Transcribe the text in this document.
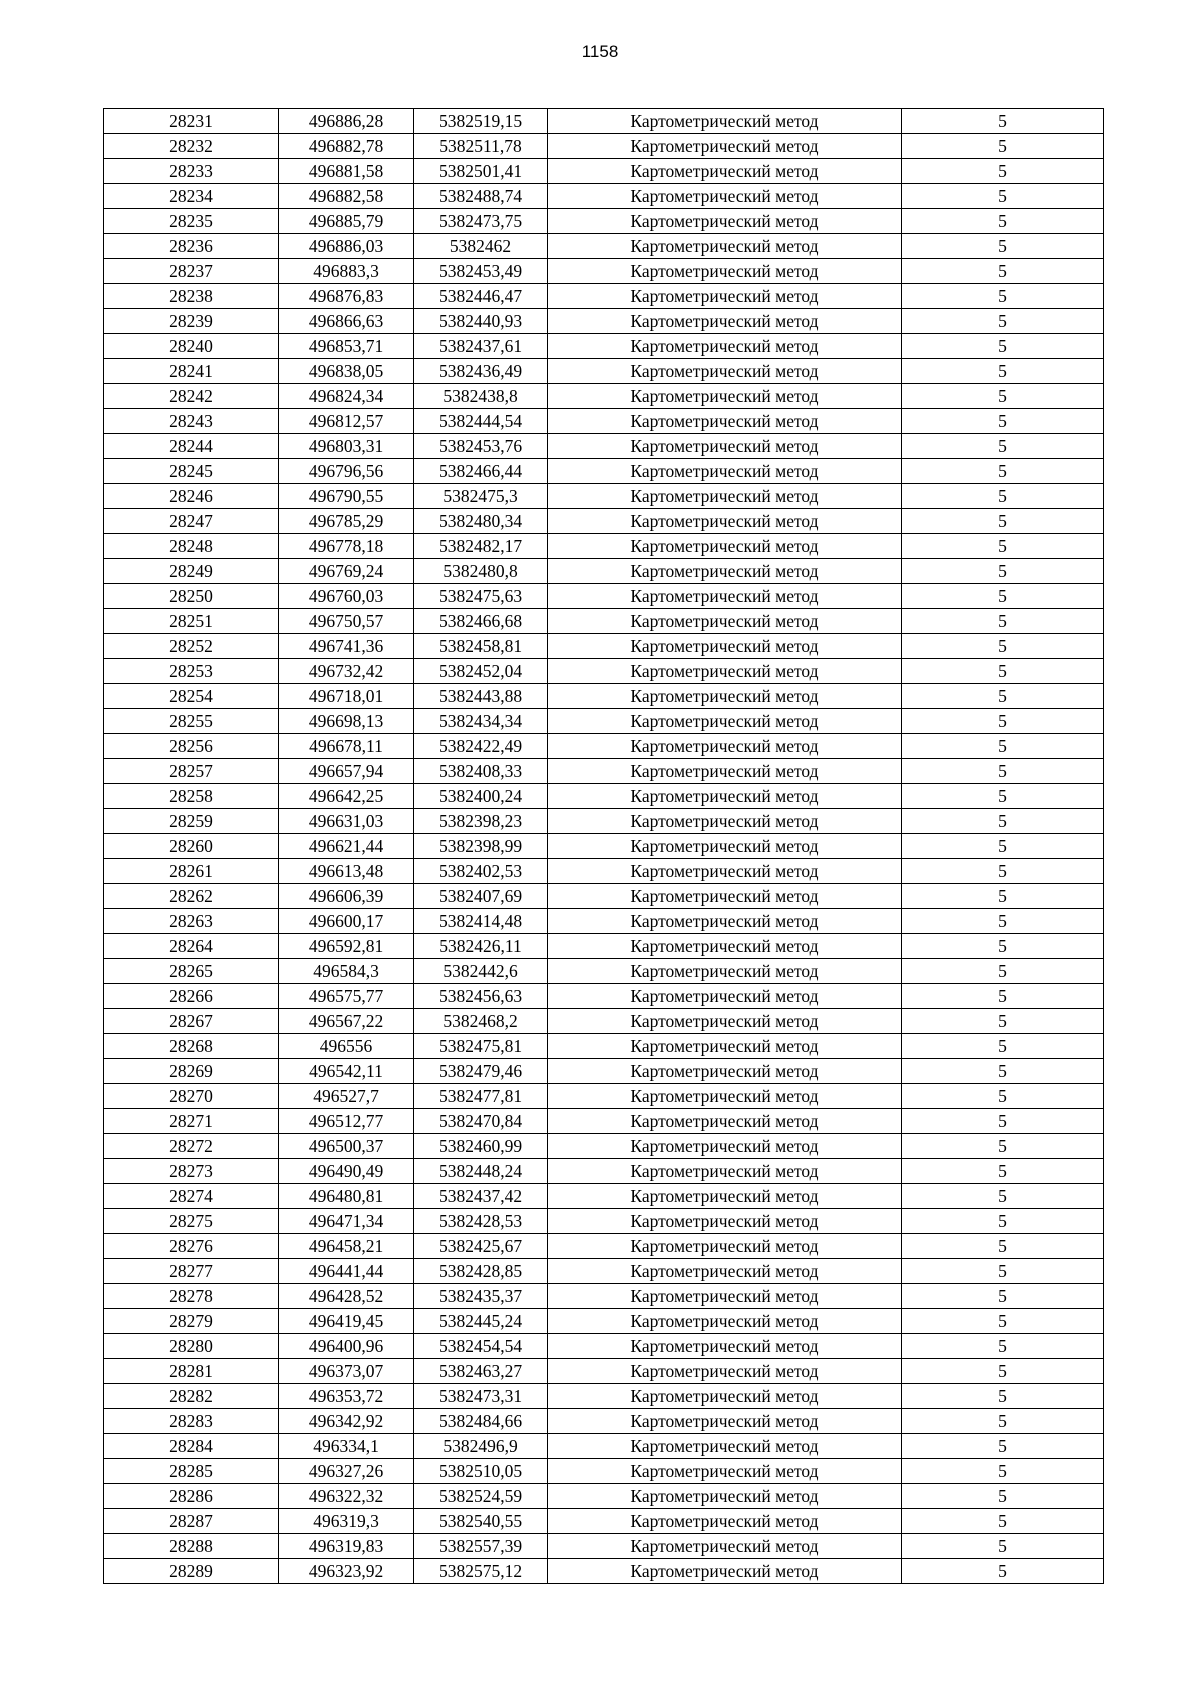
1158
28231	496886,28	5382519,15	Картометрический метод	5
28232	496882,78	5382511,78	Картометрический метод	5
28233	496881,58	5382501,41	Картометрический метод	5
28234	496882,58	5382488,74	Картометрический метод	5
28235	496885,79	5382473,75	Картометрический метод	5
28236	496886,03	5382462	Картометрический метод	5
28237	496883,3	5382453,49	Картометрический метод	5
28238	496876,83	5382446,47	Картометрический метод	5
28239	496866,63	5382440,93	Картометрический метод	5
28240	496853,71	5382437,61	Картометрический метод	5
28241	496838,05	5382436,49	Картометрический метод	5
28242	496824,34	5382438,8	Картометрический метод	5
28243	496812,57	5382444,54	Картометрический метод	5
28244	496803,31	5382453,76	Картометрический метод	5
28245	496796,56	5382466,44	Картометрический метод	5
28246	496790,55	5382475,3	Картометрический метод	5
28247	496785,29	5382480,34	Картометрический метод	5
28248	496778,18	5382482,17	Картометрический метод	5
28249	496769,24	5382480,8	Картометрический метод	5
28250	496760,03	5382475,63	Картометрический метод	5
28251	496750,57	5382466,68	Картометрический метод	5
28252	496741,36	5382458,81	Картометрический метод	5
28253	496732,42	5382452,04	Картометрический метод	5
28254	496718,01	5382443,88	Картометрический метод	5
28255	496698,13	5382434,34	Картометрический метод	5
28256	496678,11	5382422,49	Картометрический метод	5
28257	496657,94	5382408,33	Картометрический метод	5
28258	496642,25	5382400,24	Картометрический метод	5
28259	496631,03	5382398,23	Картометрический метод	5
28260	496621,44	5382398,99	Картометрический метод	5
28261	496613,48	5382402,53	Картометрический метод	5
28262	496606,39	5382407,69	Картометрический метод	5
28263	496600,17	5382414,48	Картометрический метод	5
28264	496592,81	5382426,11	Картометрический метод	5
28265	496584,3	5382442,6	Картометрический метод	5
28266	496575,77	5382456,63	Картометрический метод	5
28267	496567,22	5382468,2	Картометрический метод	5
28268	496556	5382475,81	Картометрический метод	5
28269	496542,11	5382479,46	Картометрический метод	5
28270	496527,7	5382477,81	Картометрический метод	5
28271	496512,77	5382470,84	Картометрический метод	5
28272	496500,37	5382460,99	Картометрический метод	5
28273	496490,49	5382448,24	Картометрический метод	5
28274	496480,81	5382437,42	Картометрический метод	5
28275	496471,34	5382428,53	Картометрический метод	5
28276	496458,21	5382425,67	Картометрический метод	5
28277	496441,44	5382428,85	Картометрический метод	5
28278	496428,52	5382435,37	Картометрический метод	5
28279	496419,45	5382445,24	Картометрический метод	5
28280	496400,96	5382454,54	Картометрический метод	5
28281	496373,07	5382463,27	Картометрический метод	5
28282	496353,72	5382473,31	Картометрический метод	5
28283	496342,92	5382484,66	Картометрический метод	5
28284	496334,1	5382496,9	Картометрический метод	5
28285	496327,26	5382510,05	Картометрический метод	5
28286	496322,32	5382524,59	Картометрический метод	5
28287	496319,3	5382540,55	Картометрический метод	5
28288	496319,83	5382557,39	Картометрический метод	5
28289	496323,92	5382575,12	Картометрический метод	5
